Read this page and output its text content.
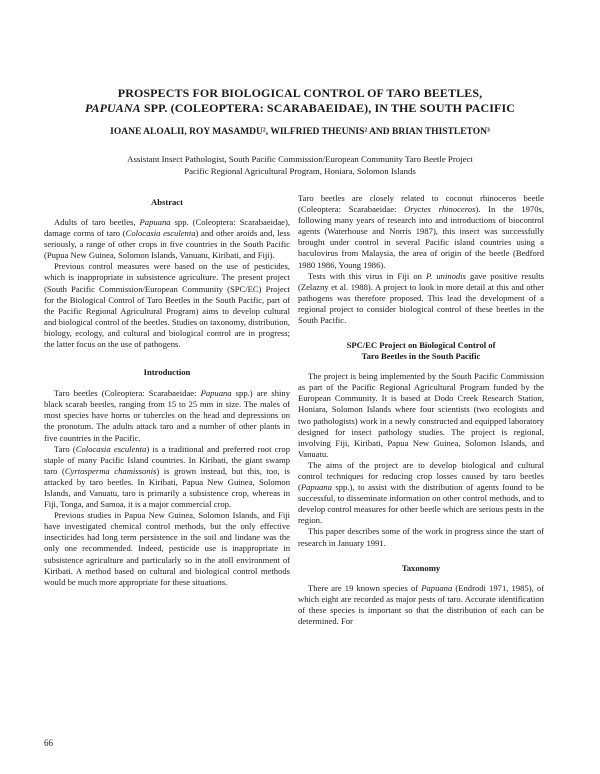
PROSPECTS FOR BIOLOGICAL CONTROL OF TARO BEETLES,
PAPUANA SPP. (COLEOPTERA: SCARABAEIDAE), IN THE SOUTH PACIFIC
IOANE ALOALII, ROY MASAMDU², WILFRIED THEUNIS² AND BRIAN THISTLETON³
Assistant Insect Pathologist, South Pacific Commission/European Community Taro Beetle Project
Pacific Regional Agricultural Program, Honiara, Solomon Islands
Abstract

Adults of taro beetles, Papuana spp. (Coleoptera: Scarabaeidae), damage corms of taro (Colocasia esculenta) and other aroids and, less seriously, a range of other crops in five countries in the South Pacific (Pupua New Guinea, Solomon Islands, Vanuatu, Kiribati, and Fiji).

Previous control measures were based on the use of pesticides, which is inappropriate in subsistence agriculture. The present project (South Pacific Commission/European Community (SPC/EC) Project for the Biological Control of Taro Beetles in the South Pacific, part of the Pacific Regional Agricultural Program) aims to develop cultural and biological control of the beetles. Studies on taxonomy, distribution, biology, ecology, and cultural and biological control are in progress; the latter focus on the use of pathogens.

Introduction

Taro beetles (Coleoptera: Scarabaeidae: Papuana spp.) are shiny black scarab beetles, ranging from 15 to 25 mm in size. The males of most species have horns or tubercles on the head and depressions on the pronotum. The adults attack taro and a number of other plants in five countries in the Pacific.

Taro (Colocasia esculenta) is a traditional and preferred root crop staple of many Pacific Island countries. In Kiribati, the giant swamp taro (Cyrtosperma chamissonis) is grown instead, but this, too, is attacked by taro beetles. In Kiribati, Papua New Guinea, Solomon Islands, and Vanuatu, taro is primarily a subsistence crop, whereas in Fiji, Tonga, and Samoa, it is a major commercial crop.

Previous studies in Papua New Guinea, Solomon Islands, and Fiji have investigated chemical control methods, but the only effective insecticides had long term persistence in the soil and lindane was the only one recommended. Indeed, pesticide use is inappropriate in subsistence agriculture and particularly so in the atoll environment of Kiribati. A method based on cultural and biological control methods would be much more appropriate for these situations.

Taro beetles are closely related to coconut rhinoceros beetle (Coleoptera: Scarabaeidae: Oryctes rhinoceros). In the 1970s, following many years of research into and introductions of biocontrol agents (Waterhouse and Norris 1987), this insect was successfully brought under control in several Pacific island countries using a baculovirus from Malaysia, the area of origin of the beetle (Bedford 1980 1986, Young 1986).

Tests with this virus in Fiji on P. uninodis gave positive results (Zelazny et al. 1988). A project to look in more detail at this and other pathogens was therefore proposed. This lead the development of a regional project to consider biological control of these beetles in the South Pacific.

SPC/EC Project on Biological Control of
Taro Beetles in the South Pacific

The project is being implemented by the South Pacific Commission as part of the Pacific Regional Agricultural Program funded by the European Community. It is based at Dodo Creek Research Station, Honiara, Solomon Islands where four scientists (two ecologists and two pathologists) work in a newly constructed and equipped laboratory designed for insect pathology studies. The project is regional, involving Fiji, Kiribati, Papua New Guinea, Solomon Islands, and Vanuatu.

The aims of the project are to develop biological and cultural control techniques for reducing crop losses caused by taro beetles (Papuana spp.), to assist with the distribution of agents found to be successful, to disseminate information on other control methods, and to develop control measures for other beetle which are serious pests in the region.

This paper describes some of the work in progress since the start of research in January 1991.

Taxonomy

There are 19 known species of Papuana (Endrodi 1971, 1985), of which eight are recorded as major pests of taro. Accurate identification of these species is important so that the distribution of each can be determined. For

66
